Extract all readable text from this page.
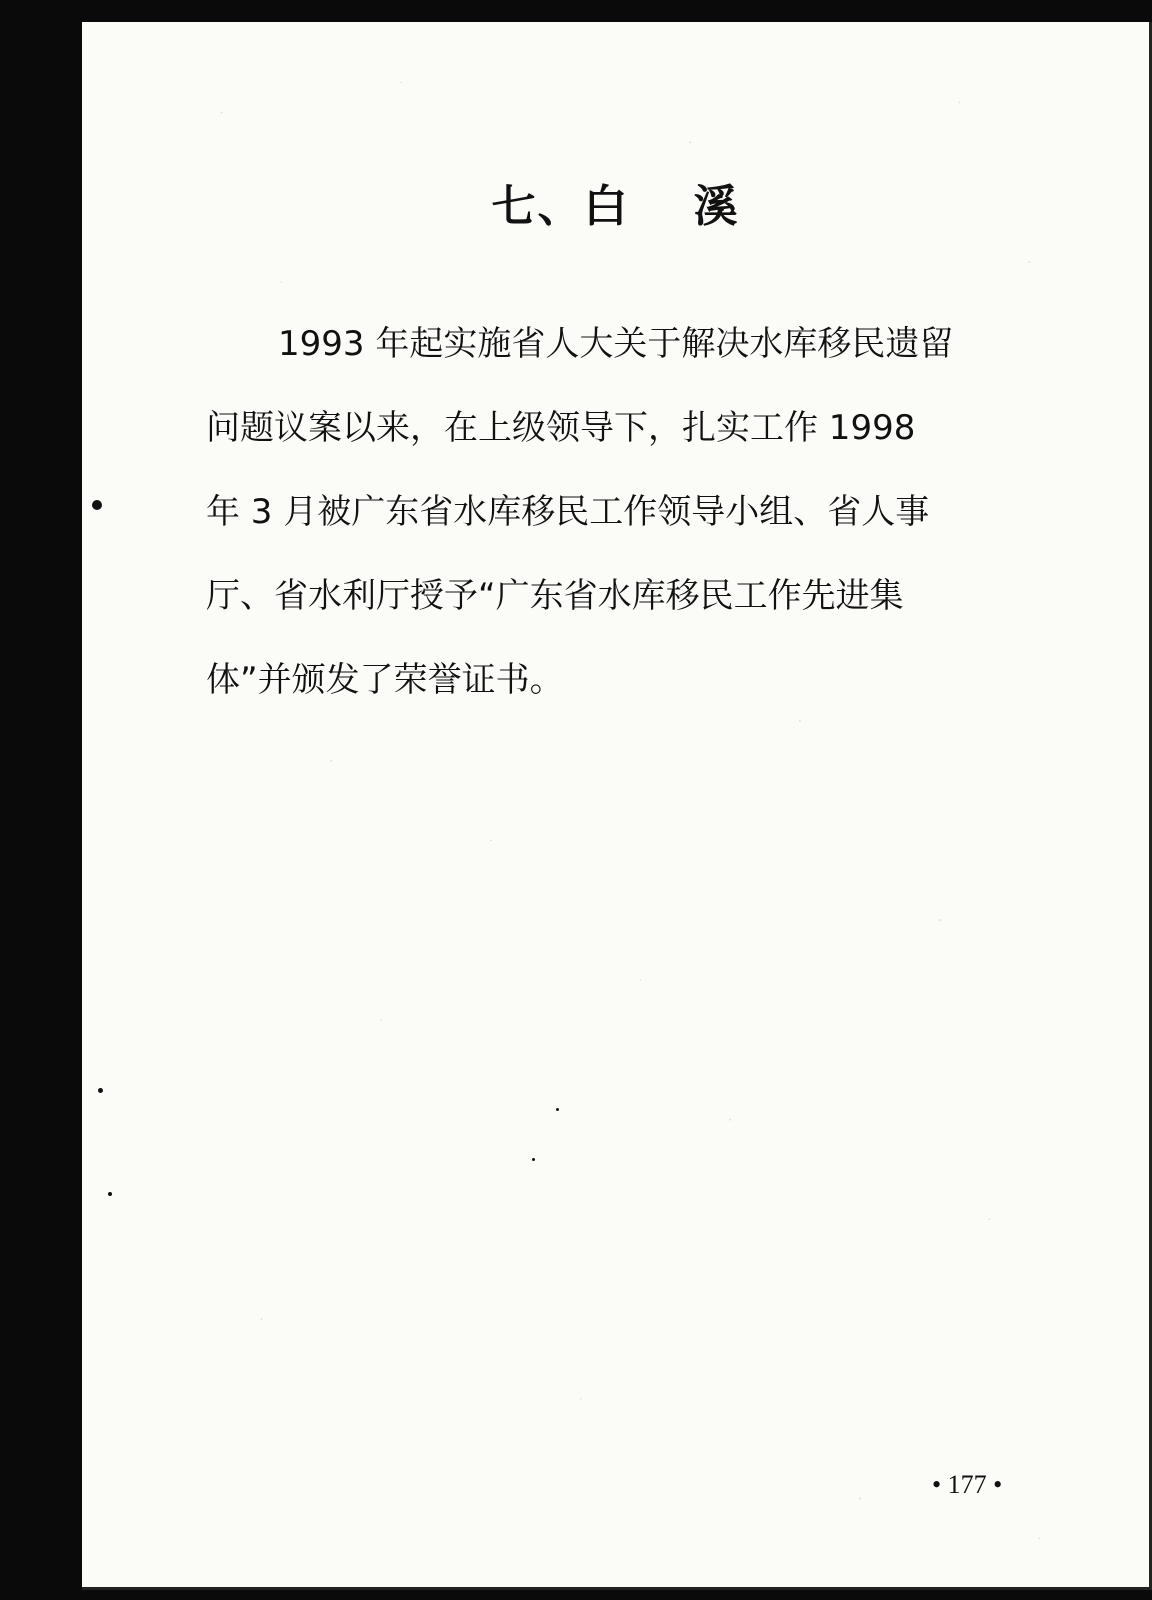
七、白 溪
1993 年起实施省人大关于解决水库移民遗留
问题议案以来，在上级领导下，扎实工作 1998
年 3 月被广东省水库移民工作领导小组、省人事
厅、省水利厅授予“广东省水库移民工作先进集
体”并颁发了荣誉证书。
• 177 •
